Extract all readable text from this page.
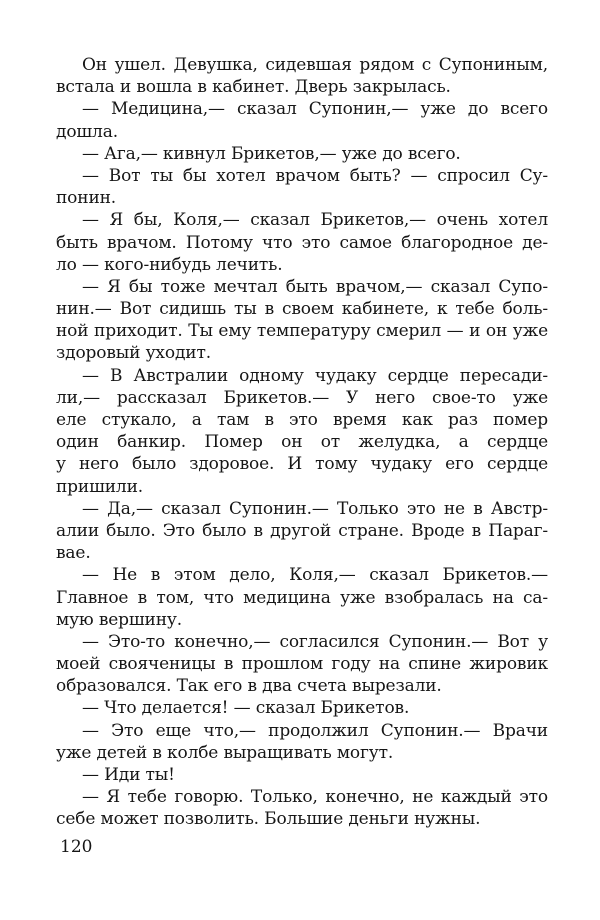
Он ушел. Девушка, сидевшая рядом с Супониным,
встала и вошла в кабинет. Дверь закрылась.
— Медицина,— сказал Супонин,— уже до всего
дошла.
— Ага,— кивнул Брикетов,— уже до всего.
— Вот ты бы хотел врачом быть? — спросил Су-
понин.
— Я бы, Коля,— сказал Брикетов,— очень хотел
быть врачом. Потому что это самое благородное де-
ло — кого-нибудь лечить.
— Я бы тоже мечтал быть врачом,— сказал Супо-
нин.— Вот сидишь ты в своем кабинете, к тебе боль-
ной приходит. Ты ему температуру смерил — и он уже
здоровый уходит.
— В Австралии одному чудаку сердце пересади-
ли,— рассказал Брикетов.— У него свое-то уже
еле стукало, а там в это время как раз помер
один банкир. Помер он от желудка, а сердце
у него было здоровое. И тому чудаку его сердце
пришили.
— Да,— сказал Супонин.— Только это не в Австр-
алии было. Это было в другой стране. Вроде в Параг-
вае.
— Не в этом дело, Коля,— сказал Брикетов.—
Главное в том, что медицина уже взобралась на са-
мую вершину.
— Это-то конечно,— согласился Супонин.— Вот у
моей свояченицы в прошлом году на спине жировик
образовался. Так его в два счета вырезали.
— Что делается! — сказал Брикетов.
— Это еще что,— продолжил Супонин.— Врачи
уже детей в колбе выращивать могут.
— Иди ты!
— Я тебе говорю. Только, конечно, не каждый это
себе может позволить. Большие деньги нужны.
120
